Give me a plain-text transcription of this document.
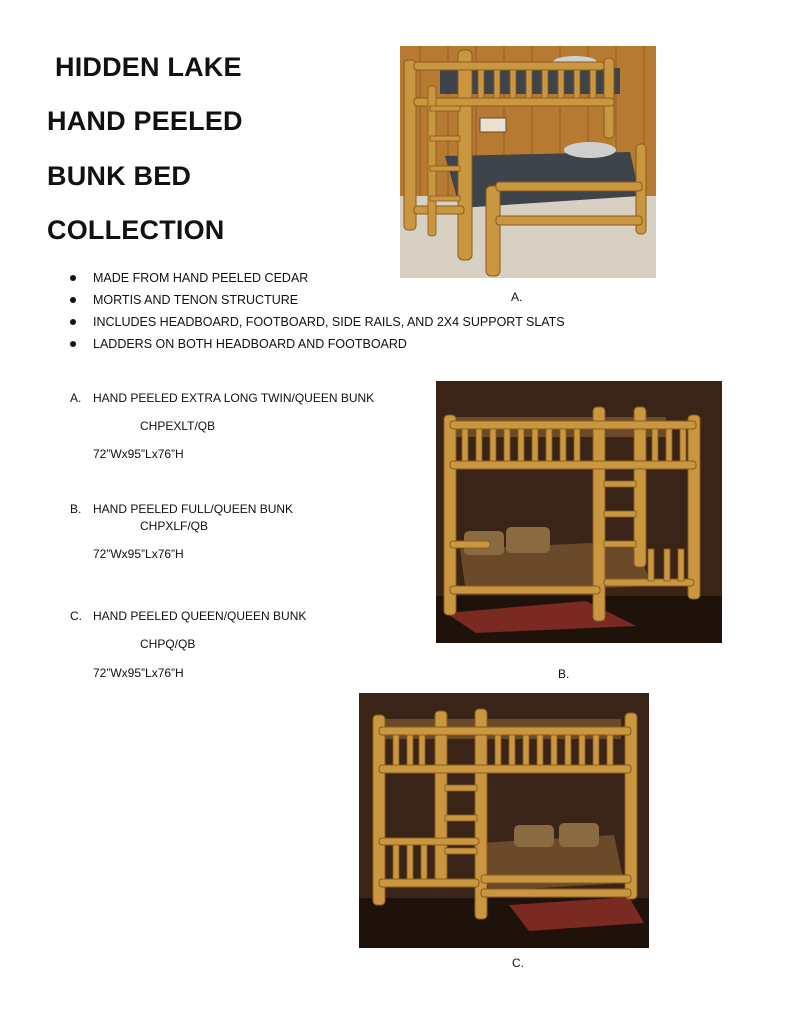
HIDDEN LAKE
HAND PEELED
BUNK BED
COLLECTION
MADE FROM HAND PEELED CEDAR
MORTIS AND TENON STRUCTURE
INCLUDES HEADBOARD, FOOTBOARD, SIDE RAILS, AND 2X4 SUPPORT SLATS
LADDERS ON BOTH HEADBOARD AND FOOTBOARD
A. HAND PEELED EXTRA LONG TWIN/QUEEN BUNK
CHPEXLT/QB
72”Wx95”Lx76”H
B. HAND PEELED FULL/QUEEN BUNK
CHPXLF/QB
72”Wx95”Lx76”H
C. HAND PEELED QUEEN/QUEEN BUNK
CHPQ/QB
72”Wx95”Lx76”H
A.
B.
C.
